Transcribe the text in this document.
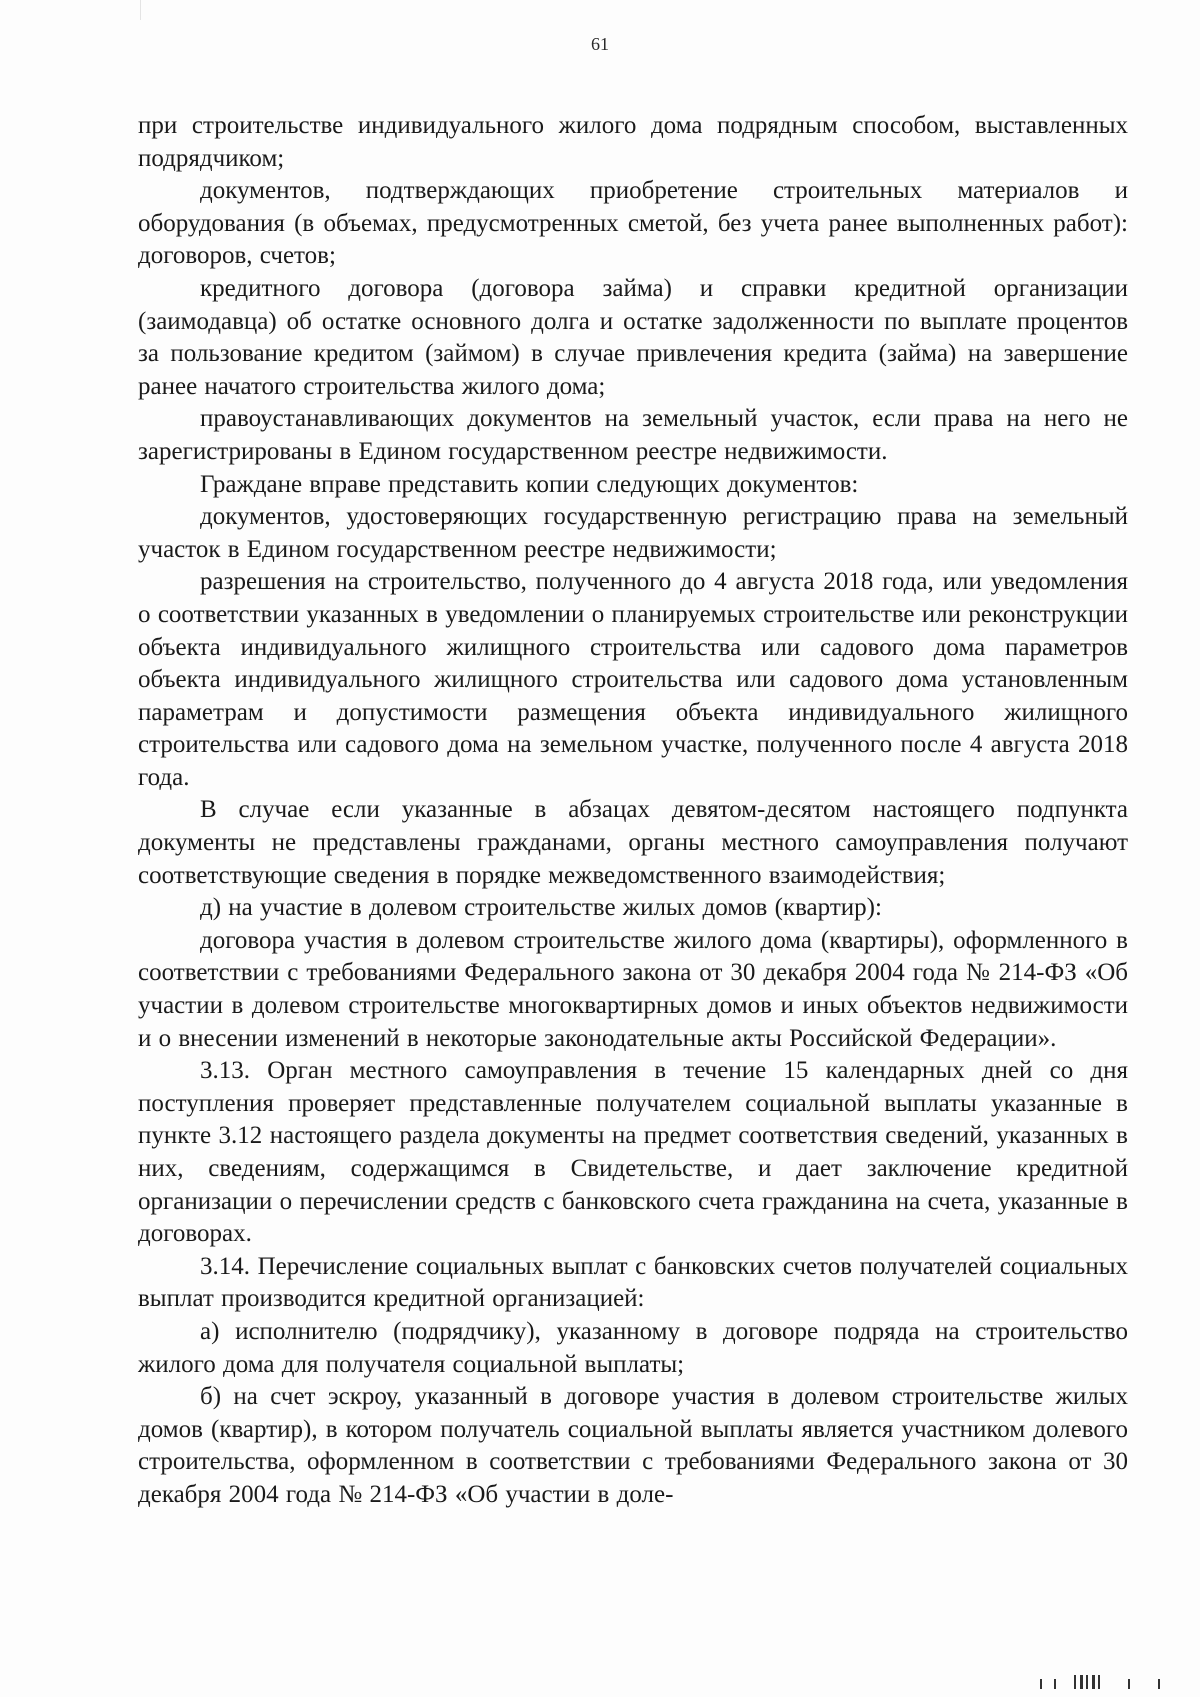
61

при строительстве индивидуального жилого дома подрядным способом, выставленных подрядчиком;

документов, подтверждающих приобретение строительных материалов и оборудования (в объемах, предусмотренных сметой, без учета ранее выполненных работ): договоров, счетов;

кредитного договора (договора займа) и справки кредитной организации (заимодавца) об остатке основного долга и остатке задолженности по выплате процентов за пользование кредитом (займом) в случае привлечения кредита (займа) на завершение ранее начатого строительства жилого дома;

правоустанавливающих документов на земельный участок, если права на него не зарегистрированы в Едином государственном реестре недвижимости.

Граждане вправе представить копии следующих документов:

документов, удостоверяющих государственную регистрацию права на земельный участок в Едином государственном реестре недвижимости;

разрешения на строительство, полученного до 4 августа 2018 года, или уведомления о соответствии указанных в уведомлении о планируемых строительстве или реконструкции объекта индивидуального жилищного строительства или садового дома параметров объекта индивидуального жилищного строительства или садового дома установленным параметрам и допустимости размещения объекта индивидуального жилищного строительства или садового дома на земельном участке, полученного после 4 августа 2018 года.

В случае если указанные в абзацах девятом-десятом настоящего подпункта документы не представлены гражданами, органы местного самоуправления получают соответствующие сведения в порядке межведомственного взаимодействия;

д) на участие в долевом строительстве жилых домов (квартир):

договора участия в долевом строительстве жилого дома (квартиры), оформленного в соответствии с требованиями Федерального закона от 30 декабря 2004 года № 214-ФЗ «Об участии в долевом строительстве многоквартирных домов и иных объектов недвижимости и о внесении изменений в некоторые законодательные акты Российской Федерации».

3.13. Орган местного самоуправления в течение 15 календарных дней со дня поступления проверяет представленные получателем социальной выплаты указанные в пункте 3.12 настоящего раздела документы на предмет соответствия сведений, указанных в них, сведениям, содержащимся в Свидетельстве, и дает заключение кредитной организации о перечислении средств с банковского счета гражданина на счета, указанные в договорах.

3.14. Перечисление социальных выплат с банковских счетов получателей социальных выплат производится кредитной организацией:

а) исполнителю (подрядчику), указанному в договоре подряда на строительство жилого дома для получателя социальной выплаты;

б) на счет эскроу, указанный в договоре участия в долевом строительстве жилых домов (квартир), в котором получатель социальной выплаты является участником долевого строительства, оформленном в соответствии с требованиями Федерального закона от 30 декабря 2004 года № 214-ФЗ «Об участии в доле-
